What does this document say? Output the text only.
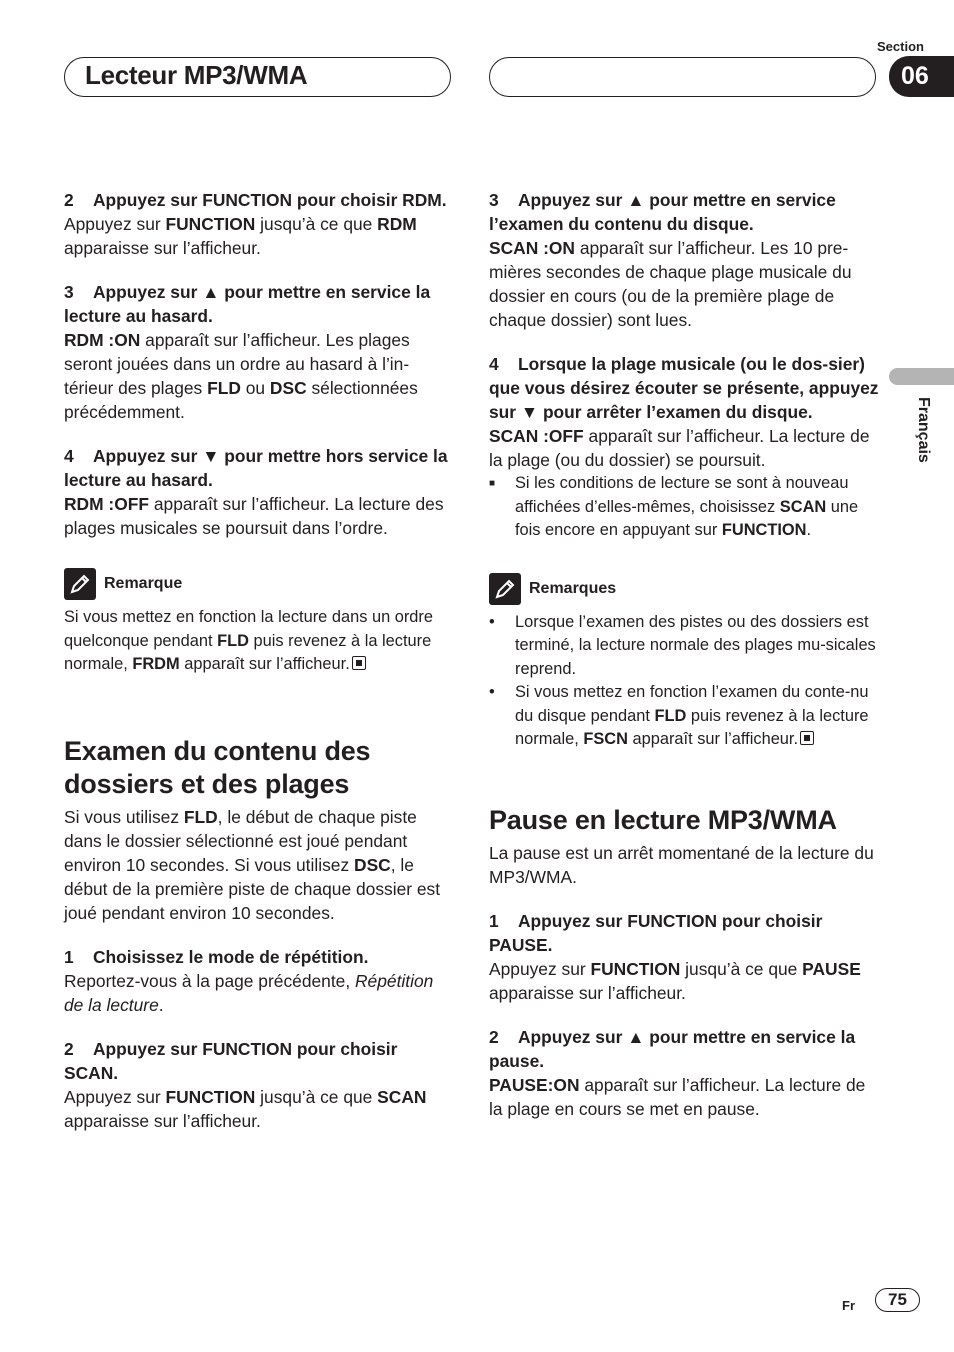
Lecteur MP3/WMA
Section
06
Français

2 Appuyez sur FUNCTION pour choisir RDM.

Appuyez sur FUNCTION jusqu’à ce que RDM apparaisse sur l’afficheur.

3 Appuyez sur ▲ pour mettre en service la lecture au hasard.

RDM :ON apparaît sur l’afficheur. Les plages seront jouées dans un ordre au hasard à l’in-térieur des plages FLD ou DSC sélectionnées précédemment.

4 Appuyez sur ▼ pour mettre hors service la lecture au hasard.

RDM :OFF apparaît sur l’afficheur. La lecture des plages musicales se poursuit dans l’ordre.

Remarque

Si vous mettez en fonction la lecture dans un ordre quelconque pendant FLD puis revenez à la lecture normale, FRDM apparaît sur l’afficheur.

Examen du contenu des dossiers et des plages

Si vous utilisez FLD, le début de chaque piste dans le dossier sélectionné est joué pendant environ 10 secondes. Si vous utilisez DSC, le début de la première piste de chaque dossier est joué pendant environ 10 secondes.

1 Choisissez le mode de répétition.

Reportez-vous à la page précédente, Répétition de la lecture.

2 Appuyez sur FUNCTION pour choisir SCAN.

Appuyez sur FUNCTION jusqu’à ce que SCAN apparaisse sur l’afficheur.

3 Appuyez sur ▲ pour mettre en service l’examen du contenu du disque.

SCAN :ON apparaît sur l’afficheur. Les 10 pre-mières secondes de chaque plage musicale du dossier en cours (ou de la première plage de chaque dossier) sont lues.

4 Lorsque la plage musicale (ou le dos-sier) que vous désirez écouter se présente, appuyez sur ▼ pour arrêter l’examen du disque.

SCAN :OFF apparaît sur l’afficheur. La lecture de la plage (ou du dossier) se poursuit.

■ Si les conditions de lecture se sont à nouveau affichées d’elles-mêmes, choisissez SCAN une fois encore en appuyant sur FUNCTION.

Remarques

• Lorsque l’examen des pistes ou des dossiers est terminé, la lecture normale des plages mu-sicales reprend.

• Si vous mettez en fonction l’examen du conte-nu du disque pendant FLD puis revenez à la lecture normale, FSCN apparaît sur l’afficheur.

Pause en lecture MP3/WMA

La pause est un arrêt momentané de la lecture du MP3/WMA.

1 Appuyez sur FUNCTION pour choisir PAUSE.

Appuyez sur FUNCTION jusqu’à ce que PAUSE apparaisse sur l’afficheur.

2 Appuyez sur ▲ pour mettre en service la pause.

PAUSE:ON apparaît sur l’afficheur. La lecture de la plage en cours se met en pause.

Fr	75
